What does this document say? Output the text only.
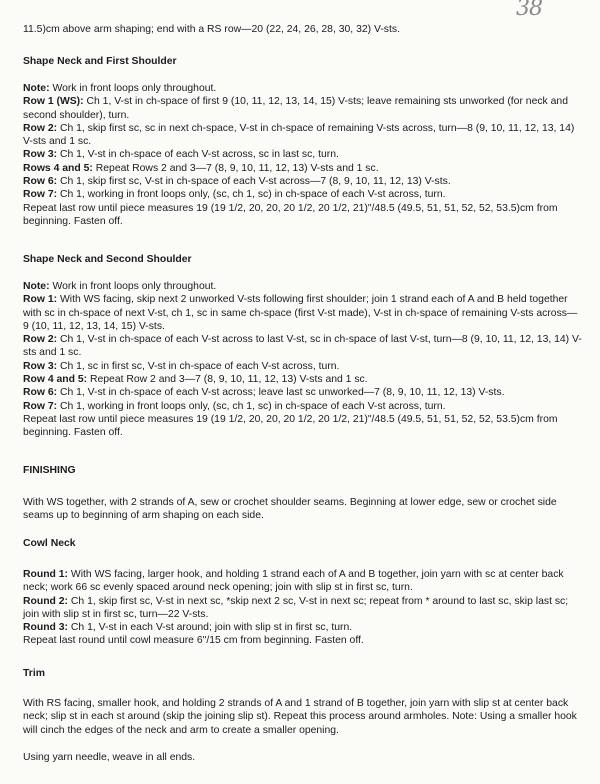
38

11.5)cm above arm shaping; end with a RS row—20 (22, 24, 26, 28, 30, 32) V-sts.

Shape Neck and First Shoulder

Note: Work in front loops only throughout.

Row 1 (WS): Ch 1, V-st in ch-space of first 9 (10, 11, 12, 13, 14, 15) V-sts; leave remaining sts unworked (for neck and second shoulder), turn.

Row 2: Ch 1, skip first sc, sc in next ch-space, V-st in ch-space of remaining V-sts across, turn—8 (9, 10, 11, 12, 13, 14) V-sts and 1 sc.

Row 3: Ch 1, V-st in ch-space of each V-st across, sc in last sc, turn.

Rows 4 and 5: Repeat Rows 2 and 3—7 (8, 9, 10, 11, 12, 13) V-sts and 1 sc.

Row 6: Ch 1, skip first sc, V-st in ch-space of each V-st across—7 (8, 9, 10, 11, 12, 13) V-sts.

Row 7: Ch 1, working in front loops only, (sc, ch 1, sc) in ch-space of each V-st across, turn.

Repeat last row until piece measures 19 (19 1/2, 20, 20, 20 1/2, 20 1/2, 21)"/48.5 (49.5, 51, 51, 52, 52, 53.5)cm from beginning. Fasten off.

Shape Neck and Second Shoulder

Note: Work in front loops only throughout.

Row 1: With WS facing, skip next 2 unworked V-sts following first shoulder; join 1 strand each of A and B held together with sc in ch-space of next V-st, ch 1, sc in same ch-space (first V-st made), V-st in ch-space of remaining V-sts across—9 (10, 11, 12, 13, 14, 15) V-sts.

Row 2: Ch 1, V-st in ch-space of each V-st across to last V-st, sc in ch-space of last V-st, turn—8 (9, 10, 11, 12, 13, 14) V-sts and 1 sc.

Row 3: Ch 1, sc in first sc, V-st in ch-space of each V-st across, turn.

Row 4 and 5: Repeat Row 2 and 3—7 (8, 9, 10, 11, 12, 13) V-sts and 1 sc.

Row 6: Ch 1, V-st in ch-space of each V-st across; leave last sc unworked—7 (8, 9, 10, 11, 12, 13) V-sts.

Row 7: Ch 1, working in front loops only, (sc, ch 1, sc) in ch-space of each V-st across, turn.

Repeat last row until piece measures 19 (19 1/2, 20, 20, 20 1/2, 20 1/2, 21)"/48.5 (49.5, 51, 51, 52, 52, 53.5)cm from beginning. Fasten off.

FINISHING

With WS together, with 2 strands of A, sew or crochet shoulder seams. Beginning at lower edge, sew or crochet side seams up to beginning of arm shaping on each side.

Cowl Neck

Round 1: With WS facing, larger hook, and holding 1 strand each of A and B together, join yarn with sc at center back neck; work 66 sc evenly spaced around neck opening; join with slip st in first sc, turn.

Round 2: Ch 1, skip first sc, V-st in next sc, *skip next 2 sc, V-st in next sc; repeat from * around to last sc, skip last sc; join with slip st in first sc, turn—22 V-sts.

Round 3: Ch 1, V-st in each V-st around; join with slip st in first sc, turn.

Repeat last round until cowl measure 6"/15 cm from beginning. Fasten off.

Trim

With RS facing, smaller hook, and holding 2 strands of A and 1 strand of B together, join yarn with slip st at center back neck; slip st in each st around (skip the joining slip st). Repeat this process around armholes. Note: Using a smaller hook will cinch the edges of the neck and arm to create a smaller opening.

Using yarn needle, weave in all ends.
